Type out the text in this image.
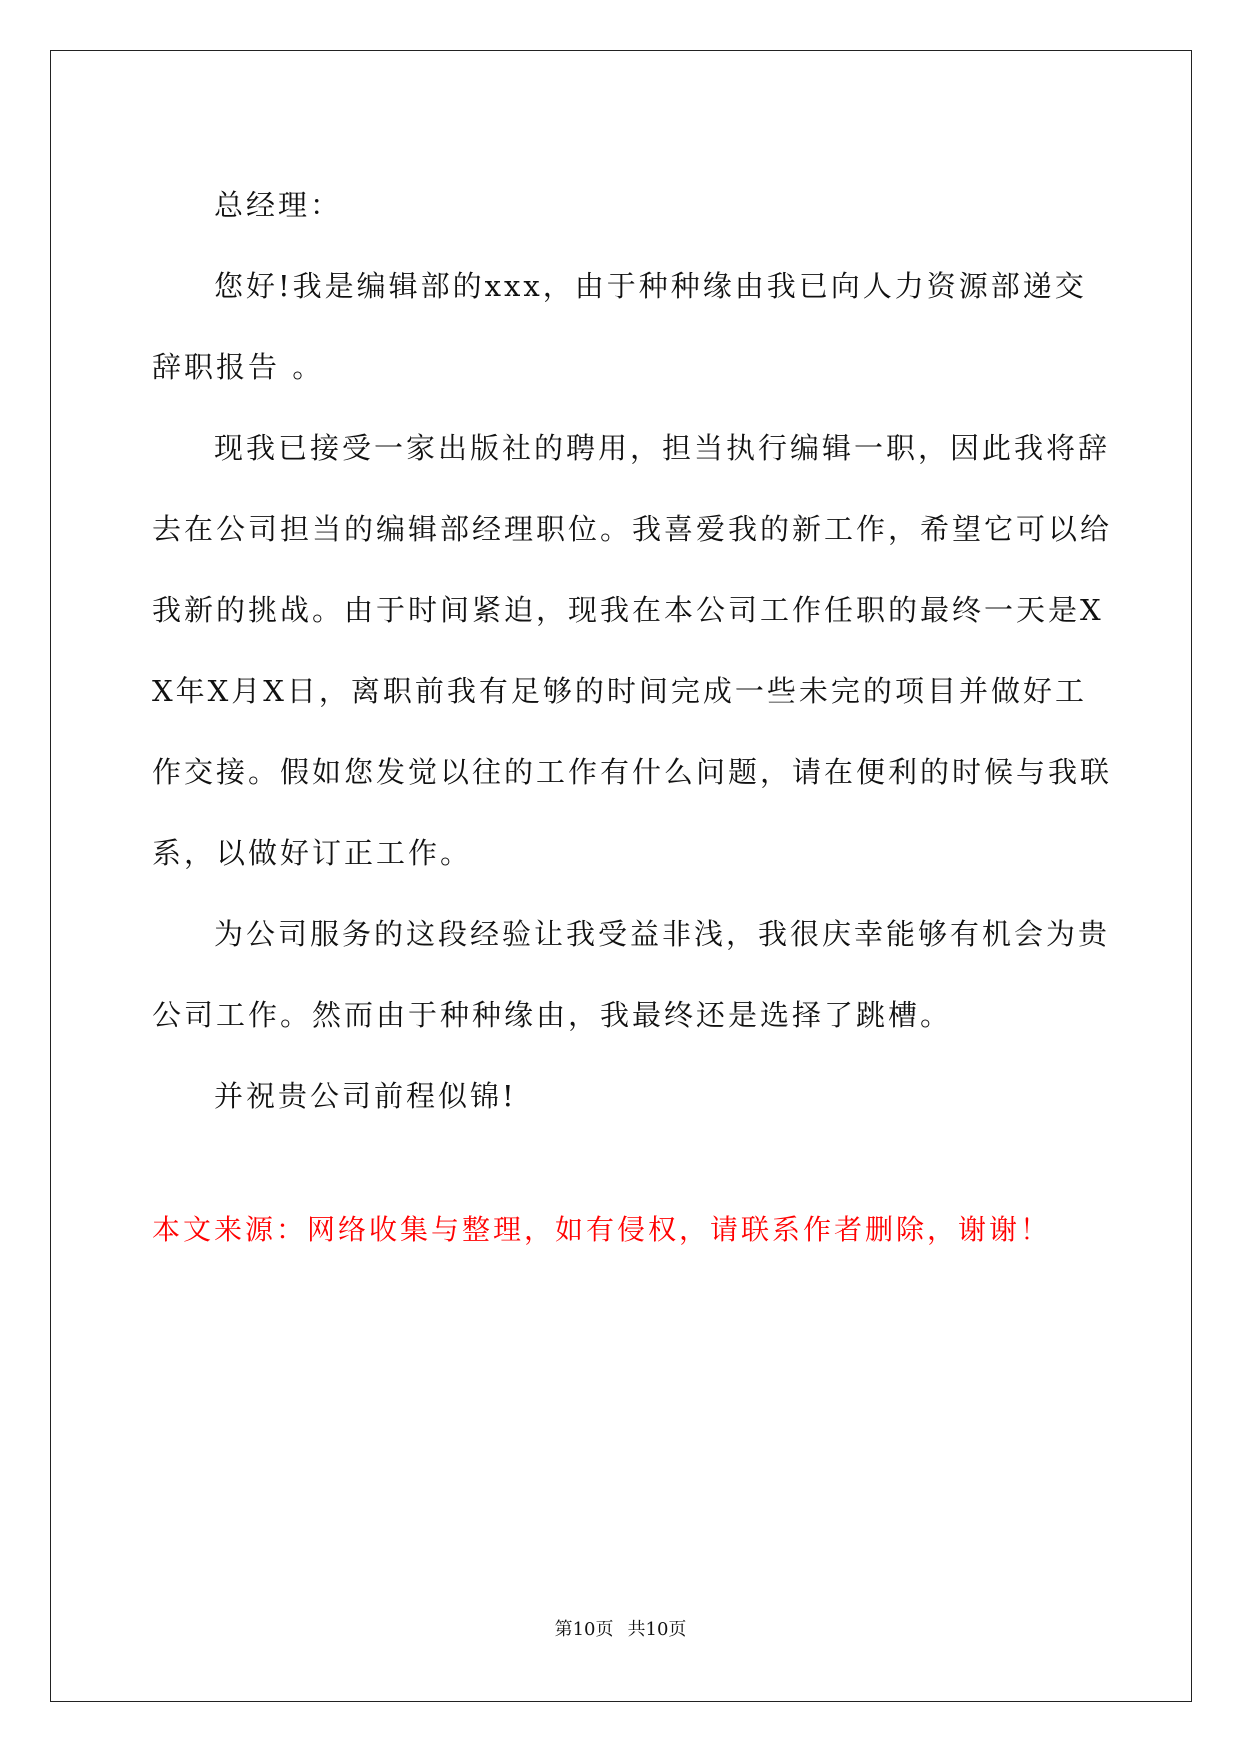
总经理：

您好!我是编辑部的xxx，由于种种缘由我已向人力资源部递交辞职报告 。

现我已接受一家出版社的聘用，担当执行编辑一职，因此我将辞去在公司担当的编辑部经理职位。我喜爱我的新工作，希望它可以给我新的挑战。由于时间紧迫，现我在本公司工作任职的最终一天是XX年X月X日，离职前我有足够的时间完成一些未完的项目并做好工作交接。假如您发觉以往的工作有什么问题，请在便利的时候与我联系，以做好订正工作。

为公司服务的这段经验让我受益非浅，我很庆幸能够有机会为贵公司工作。然而由于种种缘由，我最终还是选择了跳槽。

并祝贵公司前程似锦!

本文来源：网络收集与整理，如有侵权，请联系作者删除，谢谢！

第10页 共10页
